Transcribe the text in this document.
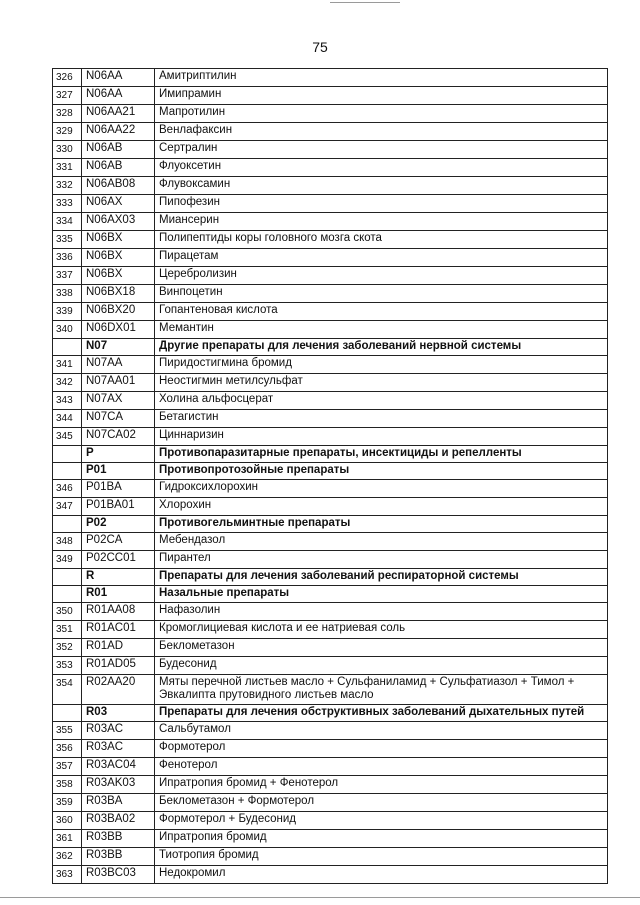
75
326	N06AA	Амитриптилин
327	N06AA	Имипрамин
328	N06AA21	Мапротилин
329	N06AA22	Венлафаксин
330	N06AB	Сертралин
331	N06AB	Флуоксетин
332	N06AB08	Флувоксамин
333	N06AX	Пипофезин
334	N06AX03	Миансерин
335	N06BX	Полипептиды коры головного мозга скота
336	N06BX	Пирацетам
337	N06BX	Церебролизин
338	N06BX18	Винпоцетин
339	N06BX20	Гопантеновая кислота
340	N06DX01	Мемантин
	N07	Другие препараты для лечения заболеваний нервной системы
341	N07AA	Пиридостигмина бромид
342	N07AA01	Неостигмин метилсульфат
343	N07AX	Холина альфосцерат
344	N07CA	Бетагистин
345	N07CA02	Циннаризин
	P	Противопаразитарные препараты, инсектициды и репелленты
	P01	Противопротозойные препараты
346	P01BA	Гидроксихлорохин
347	P01BA01	Хлорохин
	P02	Противогельминтные препараты
348	P02CA	Мебендазол
349	P02CC01	Пирантел
	R	Препараты для лечения заболеваний респираторной системы
	R01	Назальные препараты
350	R01AA08	Нафазолин
351	R01AC01	Кромоглициевая кислота и ее натриевая соль
352	R01AD	Беклометазон
353	R01AD05	Будесонид
354	R02AA20	Мяты перечной листьев масло + Сульфаниламид + Сульфатиазол + Тимол + Эвкалипта прутовидного листьев масло
	R03	Препараты для лечения обструктивных заболеваний дыхательных путей
355	R03AC	Сальбутамол
356	R03AC	Формотерол
357	R03AC04	Фенотерол
358	R03AK03	Ипратропия бромид + Фенотерол
359	R03BA	Беклометазон + Формотерол
360	R03BA02	Формотерол + Будесонид
361	R03BB	Ипратропия бромид
362	R03BB	Тиотропия бромид
363	R03BC03	Недокромил
